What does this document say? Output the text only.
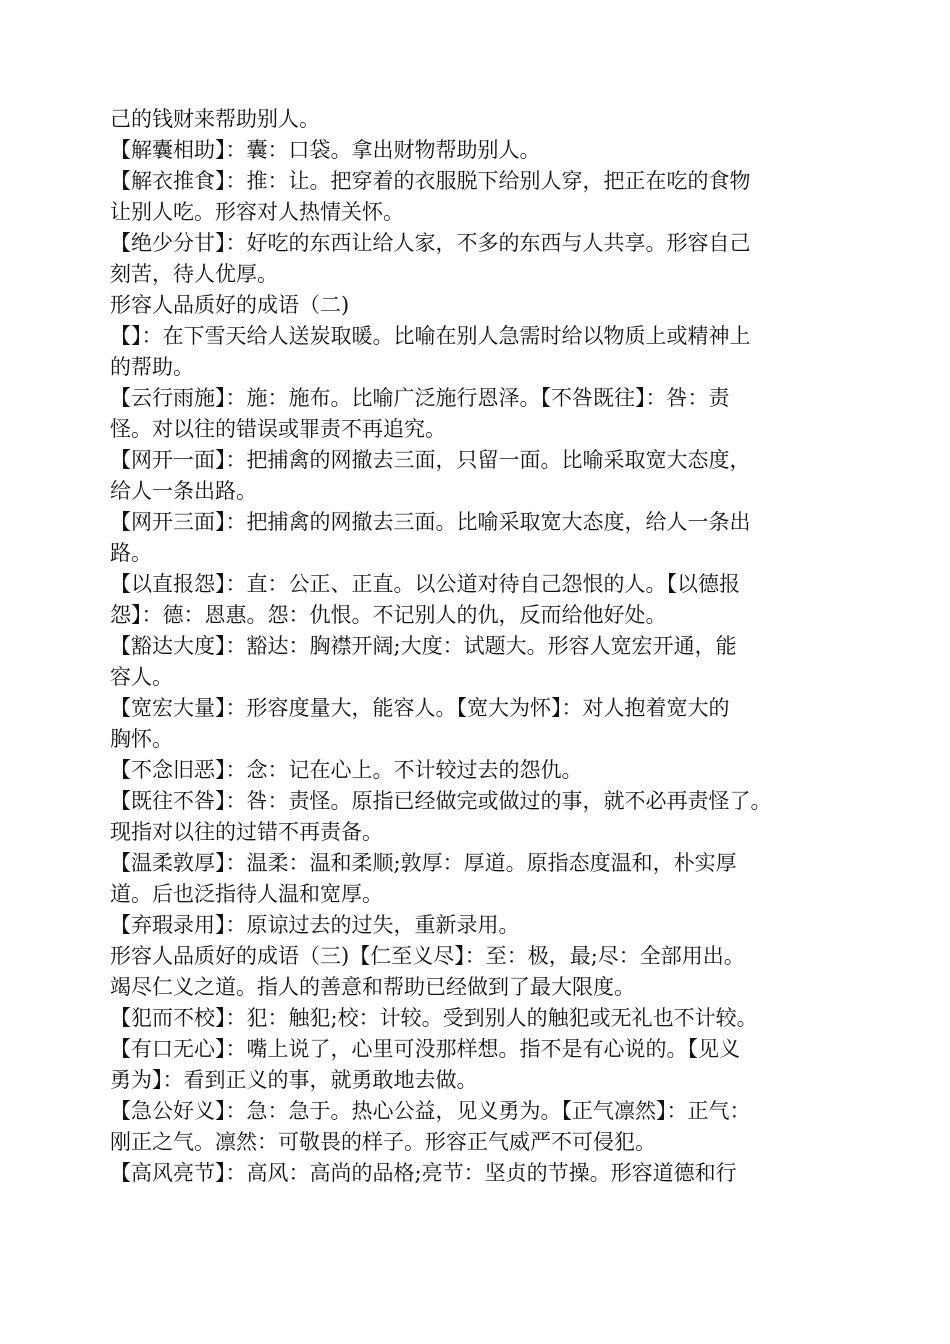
己的钱财来帮助别人。
【解囊相助】：囊：口袋。拿出财物帮助别人。
【解衣推食】：推：让。把穿着的衣服脱下给别人穿，把正在吃的食物
让别人吃。形容对人热情关怀。
【绝少分甘】：好吃的东西让给人家，不多的东西与人共享。形容自己
刻苦，待人优厚。
形容人品质好的成语（二)
【】：在下雪天给人送炭取暖。比喻在别人急需时给以物质上或精神上
的帮助。
【云行雨施】：施：施布。比喻广泛施行恩泽。【不咎既往】：咎：责
怪。对以往的错误或罪责不再追究。
【网开一面】：把捕禽的网撤去三面，只留一面。比喻采取宽大态度，
给人一条出路。
【网开三面】：把捕禽的网撤去三面。比喻采取宽大态度，给人一条出
路。
【以直报怨】：直：公正、正直。以公道对待自己怨恨的人。【以德报
怨】：德：恩惠。怨：仇恨。不记别人的仇，反而给他好处。
【豁达大度】：豁达：胸襟开阔;大度：试题大。形容人宽宏开通，能
容人。
【宽宏大量】：形容度量大，能容人。【宽大为怀】：对人抱着宽大的
胸怀。
【不念旧恶】：念：记在心上。不计较过去的怨仇。
【既往不咎】：咎：责怪。原指已经做完或做过的事，就不必再责怪了。
现指对以往的过错不再责备。
【温柔敦厚】：温柔：温和柔顺;敦厚：厚道。原指态度温和，朴实厚
道。后也泛指待人温和宽厚。
【弃瑕录用】：原谅过去的过失，重新录用。
形容人品质好的成语（三)【仁至义尽】：至：极，最;尽：全部用出。
竭尽仁义之道。指人的善意和帮助已经做到了最大限度。
【犯而不校】：犯：触犯;校：计较。受到别人的触犯或无礼也不计较。
【有口无心】：嘴上说了，心里可没那样想。指不是有心说的。【见义
勇为】：看到正义的事，就勇敢地去做。
【急公好义】：急：急于。热心公益，见义勇为。【正气凛然】：正气：
刚正之气。凛然：可敬畏的样子。形容正气威严不可侵犯。
【高风亮节】：高风：高尚的品格;亮节：坚贞的节操。形容道德和行
